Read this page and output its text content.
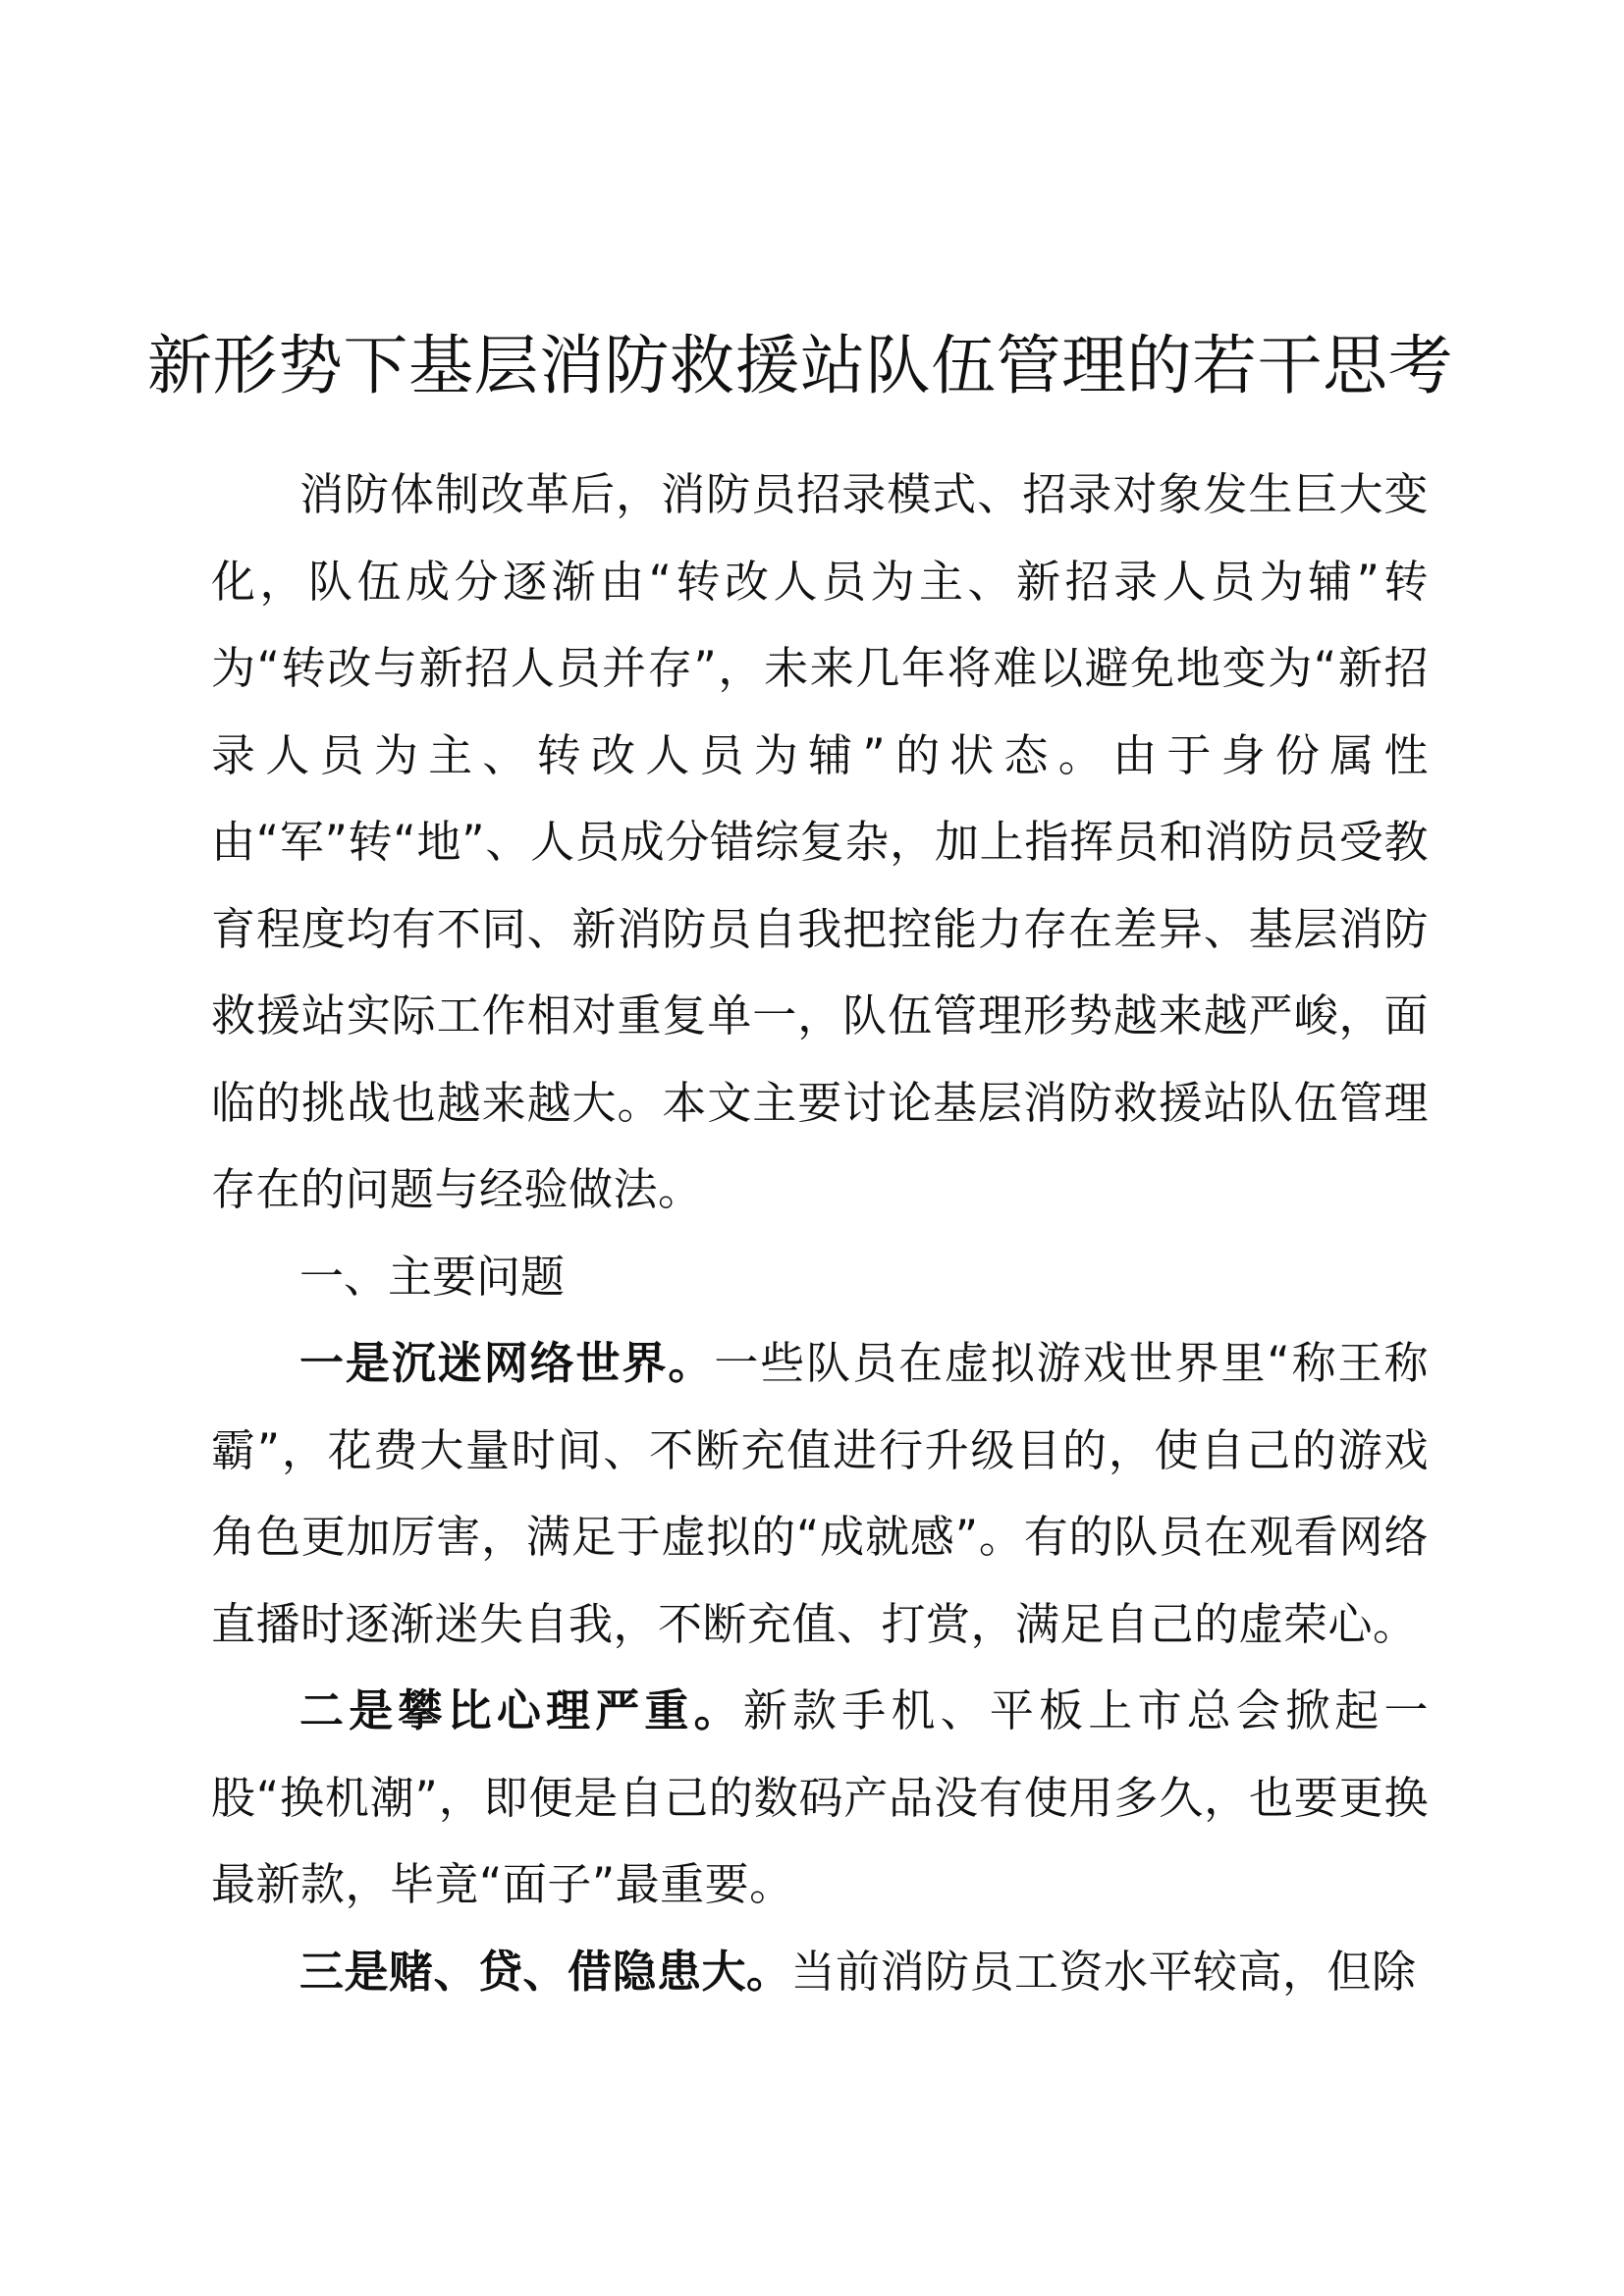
新形势下基层消防救援站队伍管理的若干思考

消防体制改革后，消防员招录模式、招录对象发生巨大变化，队伍成分逐渐由“转改人员为主、新招录人员为辅”转为“转改与新招人员并存”，未来几年将难以避免地变为“新招录人员为主、转改人员为辅”的状态。由于身份属性由“军”转“地”、人员成分错综复杂，加上指挥员和消防员受教育程度均有不同、新消防员自我把控能力存在差异、基层消防救援站实际工作相对重复单一，队伍管理形势越来越严峻，面临的挑战也越来越大。本文主要讨论基层消防救援站队伍管理存在的问题与经验做法。

一、主要问题

一是沉迷网络世界。一些队员在虚拟游戏世界里“称王称霸”，花费大量时间、不断充值进行升级目的，使自己的游戏角色更加厉害，满足于虚拟的“成就感”。有的队员在观看网络直播时逐渐迷失自我，不断充值、打赏，满足自己的虚荣心。

二是攀比心理严重。新款手机、平板上市总会掀起一股“换机潮”，即便是自己的数码产品没有使用多久，也要更换最新款，毕竟“面子”最重要。

三是赌、贷、借隐患大。当前消防员工资水平较高，但除
